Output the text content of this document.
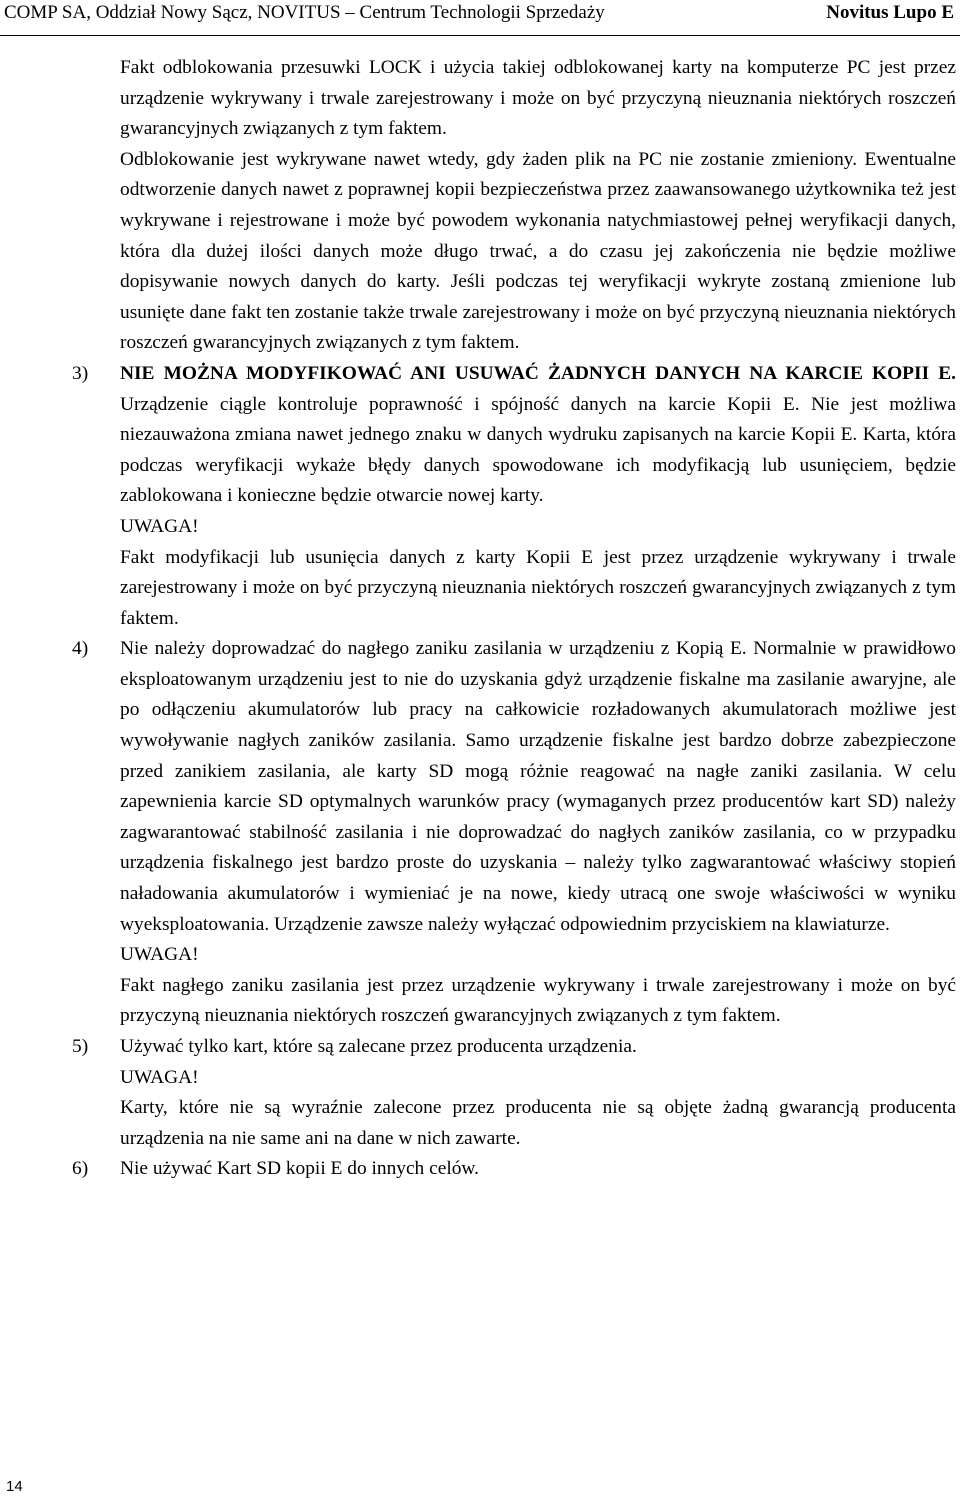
COMP SA, Oddział Nowy Sącz, NOVITUS – Centrum Technologii Sprzedaży	Novitus Lupo E

Fakt odblokowania przesuwki LOCK i użycia takiej odblokowanej karty na komputerze PC jest przez urządzenie wykrywany i trwale zarejestrowany i może on być przyczyną nieuznania niektórych roszczeń gwarancyjnych związanych z tym faktem.

Odblokowanie jest wykrywane nawet wtedy, gdy żaden plik na PC nie zostanie zmieniony. Ewentualne odtworzenie danych nawet z poprawnej kopii bezpieczeństwa przez zaawansowanego użytkownika też jest wykrywane i rejestrowane i może być powodem wykonania natychmiastowej pełnej weryfikacji danych, która dla dużej ilości danych może długo trwać, a do czasu jej zakończenia nie będzie możliwe dopisywanie nowych danych do karty. Jeśli podczas tej weryfikacji wykryte zostaną zmienione lub usunięte dane fakt ten zostanie także trwale zarejestrowany i może on być przyczyną nieuznania niektórych roszczeń gwarancyjnych związanych z tym faktem.

3) NIE MOŻNA MODYFIKOWAĆ ANI USUWAĆ ŻADNYCH DANYCH NA KARCIE KOPII E. Urządzenie ciągle kontroluje poprawność i spójność danych na karcie Kopii E. Nie jest możliwa niezauważona zmiana nawet jednego znaku w danych wydruku zapisanych na karcie Kopii E. Karta, która podczas weryfikacji wykaże błędy danych spowodowane ich modyfikacją lub usunięciem, będzie zablokowana i konieczne będzie otwarcie nowej karty.

UWAGA!

Fakt modyfikacji lub usunięcia danych z karty Kopii E jest przez urządzenie wykrywany i trwale zarejestrowany i może on być przyczyną nieuznania niektórych roszczeń gwarancyjnych związanych z tym faktem.

4) Nie należy doprowadzać do nagłego zaniku zasilania w urządzeniu z Kopią E. Normalnie w prawidłowo eksploatowanym urządzeniu jest to nie do uzyskania gdyż urządzenie fiskalne ma zasilanie awaryjne, ale po odłączeniu akumulatorów lub pracy na całkowicie rozładowanych akumulatorach możliwe jest wywoływanie nagłych zaników zasilania. Samo urządzenie fiskalne jest bardzo dobrze zabezpieczone przed zanikiem zasilania, ale karty SD mogą różnie reagować na nagłe zaniki zasilania. W celu zapewnienia karcie SD optymalnych warunków pracy (wymaganych przez producentów kart SD) należy zagwarantować stabilność zasilania i nie doprowadzać do nagłych zaników zasilania, co w przypadku urządzenia fiskalnego jest bardzo proste do uzyskania – należy tylko zagwarantować właściwy stopień naładowania akumulatorów i wymieniać je na nowe, kiedy utracą one swoje właściwości w wyniku wyeksploatowania. Urządzenie zawsze należy wyłączać odpowiednim przyciskiem na klawiaturze.

UWAGA!

Fakt nagłego zaniku zasilania jest przez urządzenie wykrywany i trwale zarejestrowany i może on być przyczyną nieuznania niektórych roszczeń gwarancyjnych związanych z tym faktem.

5) Używać tylko kart, które są zalecane przez producenta urządzenia.

UWAGA!

Karty, które nie są wyraźnie zalecone przez producenta nie są objęte żadną gwarancją producenta urządzenia na nie same ani na dane w nich zawarte.

6) Nie używać Kart SD kopii E do innych celów.

14
